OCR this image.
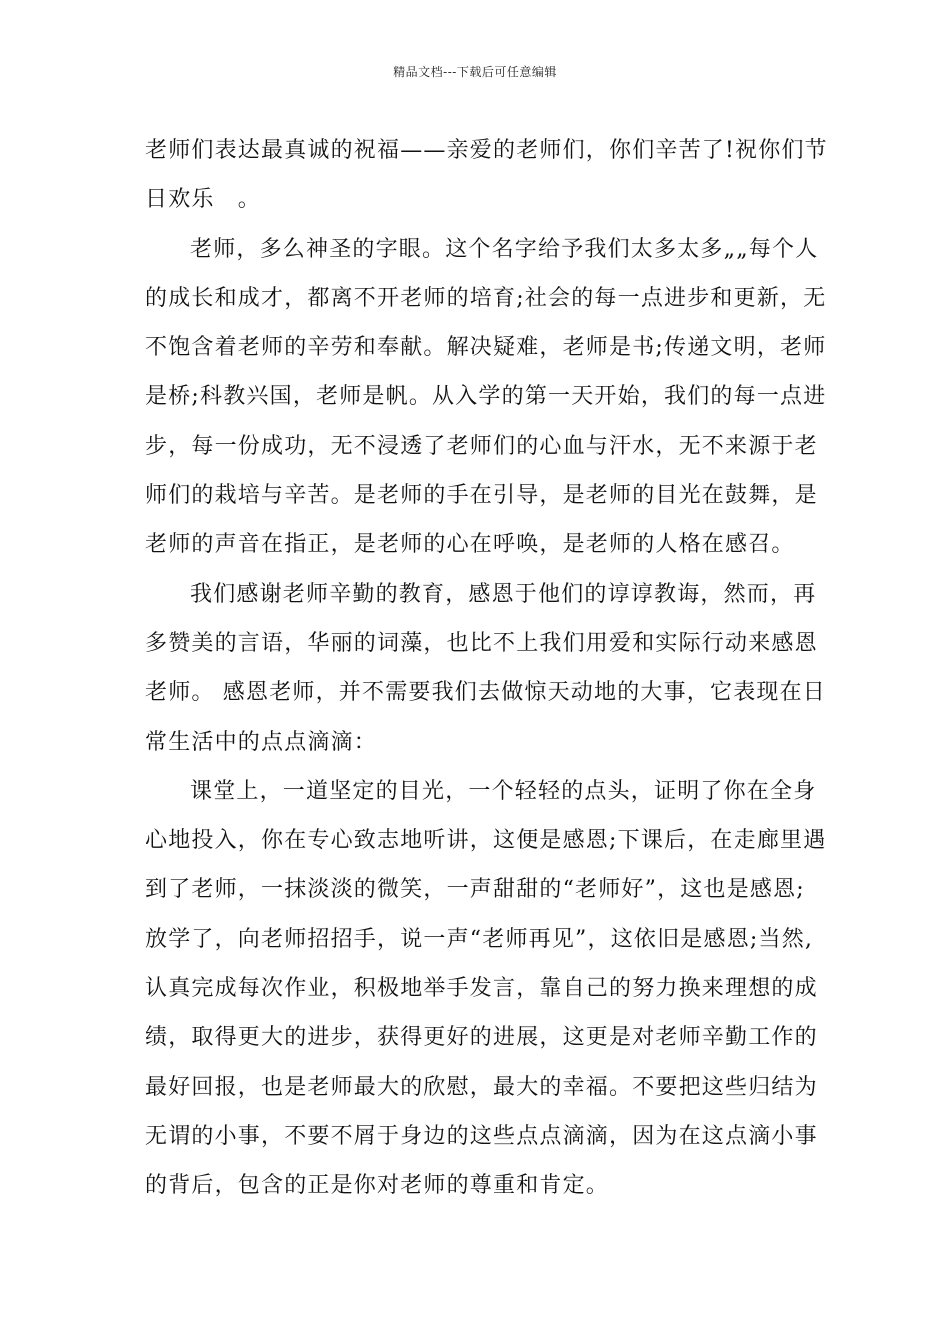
精品文档---下载后可任意编辑
老师们表达最真诚的祝福——亲爱的老师们，你们辛苦了!祝你们节
日欢乐　。
老师，多么神圣的字眼。这个名字给予我们太多太多„„每个人
的成长和成才，都离不开老师的培育;社会的每一点进步和更新，无
不饱含着老师的辛劳和奉献。解决疑难，老师是书;传递文明，老师
是桥;科教兴国，老师是帆。从入学的第一天开始，我们的每一点进
步，每一份成功，无不浸透了老师们的心血与汗水，无不来源于老
师们的栽培与辛苦。是老师的手在引导，是老师的目光在鼓舞，是
老师的声音在指正，是老师的心在呼唤，是老师的人格在感召。
我们感谢老师辛勤的教育，感恩于他们的谆谆教诲，然而，再
多赞美的言语，华丽的词藻，也比不上我们用爱和实际行动来感恩
老师。 感恩老师，并不需要我们去做惊天动地的大事，它表现在日
常生活中的点点滴滴：
课堂上，一道坚定的目光，一个轻轻的点头，证明了你在全身
心地投入，你在专心致志地听讲，这便是感恩;下课后，在走廊里遇
到了老师，一抹淡淡的微笑，一声甜甜的“老师好”，这也是感恩;
放学了，向老师招招手，说一声“老师再见”，这依旧是感恩;当然,
认真完成每次作业，积极地举手发言，靠自己的努力换来理想的成
绩，取得更大的进步，获得更好的进展，这更是对老师辛勤工作的
最好回报，也是老师最大的欣慰，最大的幸福。不要把这些归结为
无谓的小事，不要不屑于身边的这些点点滴滴，因为在这点滴小事
的背后，包含的正是你对老师的尊重和肯定。
